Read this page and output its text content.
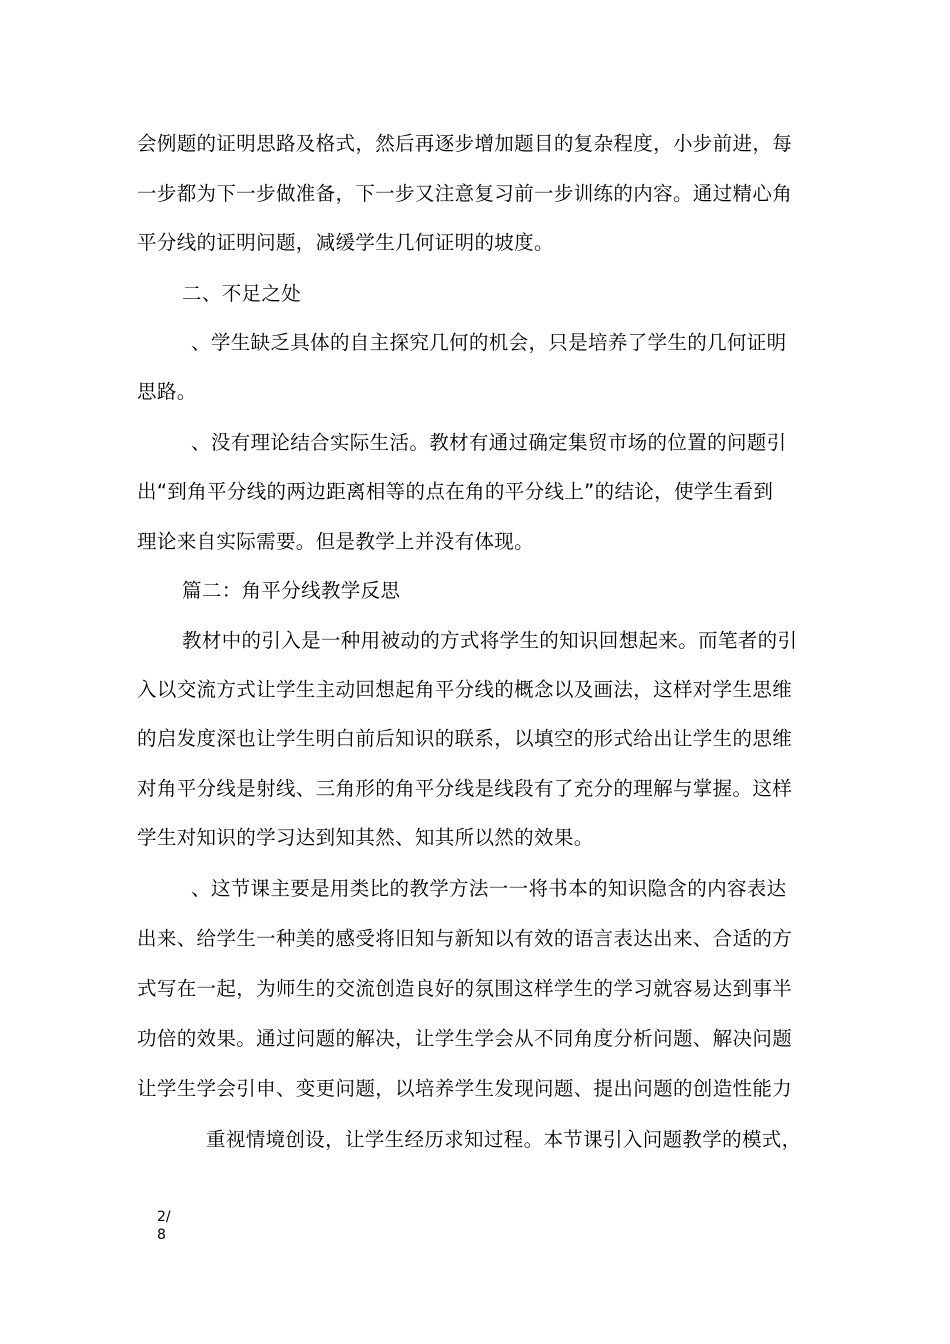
会例题的证明思路及格式，然后再逐步增加题目的复杂程度，小步前进，每

一步都为下一步做准备，下一步又注意复习前一步训练的内容。通过精心角

平分线的证明问题，减缓学生几何证明的坡度。

二、不足之处

、学生缺乏具体的自主探究几何的机会，只是培养了学生的几何证明

思路。

、没有理论结合实际生活。教材有通过确定集贸市场的位置的问题引

出“到角平分线的两边距离相等的点在角的平分线上”的结论，使学生看到

理论来自实际需要。但是教学上并没有体现。

篇二：角平分线教学反思

教材中的引入是一种用被动的方式将学生的知识回想起来。而笔者的引

入以交流方式让学生主动回想起角平分线的概念以及画法，这样对学生思维

的启发度深也让学生明白前后知识的联系，以填空的形式给出让学生的思维

对角平分线是射线、三角形的角平分线是线段有了充分的理解与掌握。这样

学生对知识的学习达到知其然、知其所以然的效果。

、这节课主要是用类比的教学方法一一将书本的知识隐含的内容表达

出来、给学生一种美的感受将旧知与新知以有效的语言表达出来、合适的方

式写在一起，为师生的交流创造良好的氛围这样学生的学习就容易达到事半

功倍的效果。通过问题的解决，让学生学会从不同角度分析问题、解决问题

让学生学会引申、变更问题，以培养学生发现问题、提出问题的创造性能力

重视情境创设，让学生经历求知过程。本节课引入问题教学的模式，

2/
8
